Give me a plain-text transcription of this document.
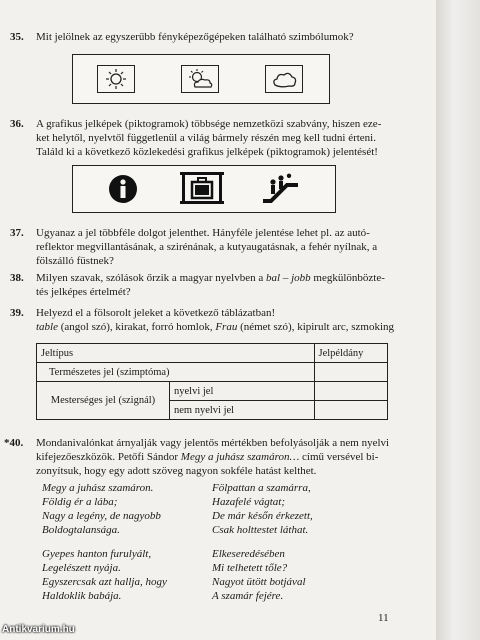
35. Mit jelölnek az egyszerűbb fényképezőgépeken található szimbólumok?

36. A grafikus jelképek (piktogramok) többsége nemzetközi szabvány, hiszen eze-

ket helytől, nyelvtől függetlenül a világ bármely részén meg kell tudni érteni.

Találd ki a következő közlekedési grafikus jelképek (piktogramok) jelentését!

37. Ugyanaz a jel többféle dolgot jelenthet. Hányféle jelentése lehet pl. az autó-

reflektor megvillantásának, a szirénának, a kutyaugatásnak, a fehér nyílnak, a

fölszálló füstnek?

38. Milyen szavak, szólások őrzik a magyar nyelvben a bal – jobb megkülönbözte-

tés jelképes értelmét?

39. Helyezd el a fölsorolt jeleket a következő táblázatban!

table (angol szó), kirakat, forró homlok, Frau (német szó), kipirult arc, szmoking

Jeltípus		Jelpéldány
Természetes jel (szimptóma)		
Mesterséges jel (szignál)	nyelvi jel	
	nem nyelvi jel	
*40. Mondanivalónkat árnyalják vagy jelentős mértékben befolyásolják a nem nyelvi

kifejezőeszközök. Petőfi Sándor Megy a juhász szamáron… című versével bi-

zonyítsuk, hogy egy adott szöveg nagyon sokféle hatást kelthet.

Megy a juhász szamáron.
Földig ér a lába;
Nagy a legény, de nagyobb
Boldogtalansága.
Fölpattan a szamárra,
Hazafelé vágtat;
De már későn érkezett,
Csak holttestet láthat.
Gyepes hanton furulyált,
Legelészett nyája.
Egyszercsak azt hallja, hogy
Haldoklik babája.
Elkeseredésében
Mi telhetett tőle?
Nagyot ütött botjával
A szamár fejére.
11
Antikvarium.hu
